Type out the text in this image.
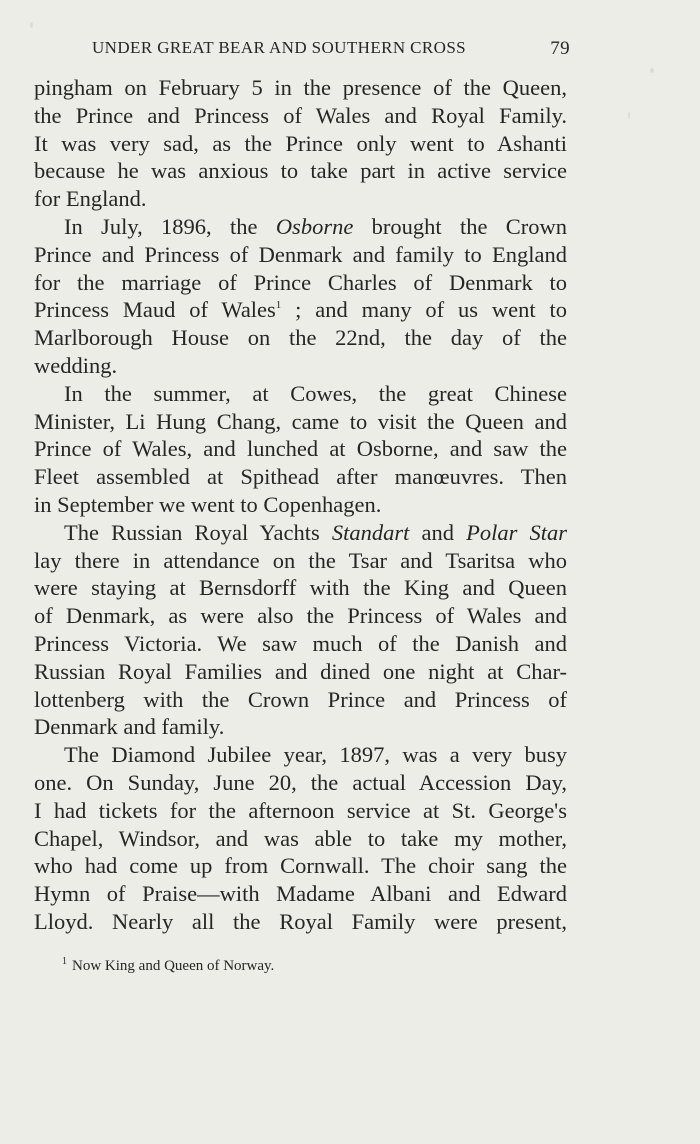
UNDER GREAT BEAR AND SOUTHERN CROSS	79
pingham on February 5 in the presence of the Queen,
the Prince and Princess of Wales and Royal Family.
It was very sad, as the Prince only went to Ashanti
because he was anxious to take part in active service
for England.
In July, 1896, the Osborne brought the Crown
Prince and Princess of Denmark and family to England
for the marriage of Prince Charles of Denmark to
Princess Maud of Wales$^1$ ; and many of us went to
Marlborough House on the 22nd, the day of the
wedding.
In the summer, at Cowes, the great Chinese
Minister, Li Hung Chang, came to visit the Queen and
Prince of Wales, and lunched at Osborne, and saw the
Fleet assembled at Spithead after manœuvres. Then
in September we went to Copenhagen.
The Russian Royal Yachts Standart and Polar Star
lay there in attendance on the Tsar and Tsaritsa who
were staying at Bernsdorff with the King and Queen
of Denmark, as were also the Princess of Wales and
Princess Victoria. We saw much of the Danish and
Russian Royal Families and dined one night at Char-
lottenberg with the Crown Prince and Princess of
Denmark and family.
The Diamond Jubilee year, 1897, was a very busy
one. On Sunday, June 20, the actual Accession Day,
I had tickets for the afternoon service at St. George's
Chapel, Windsor, and was able to take my mother,
who had come up from Cornwall. The choir sang the
Hymn of Praise—with Madame Albani and Edward
Lloyd. Nearly all the Royal Family were present,
$^1$ Now King and Queen of Norway.
